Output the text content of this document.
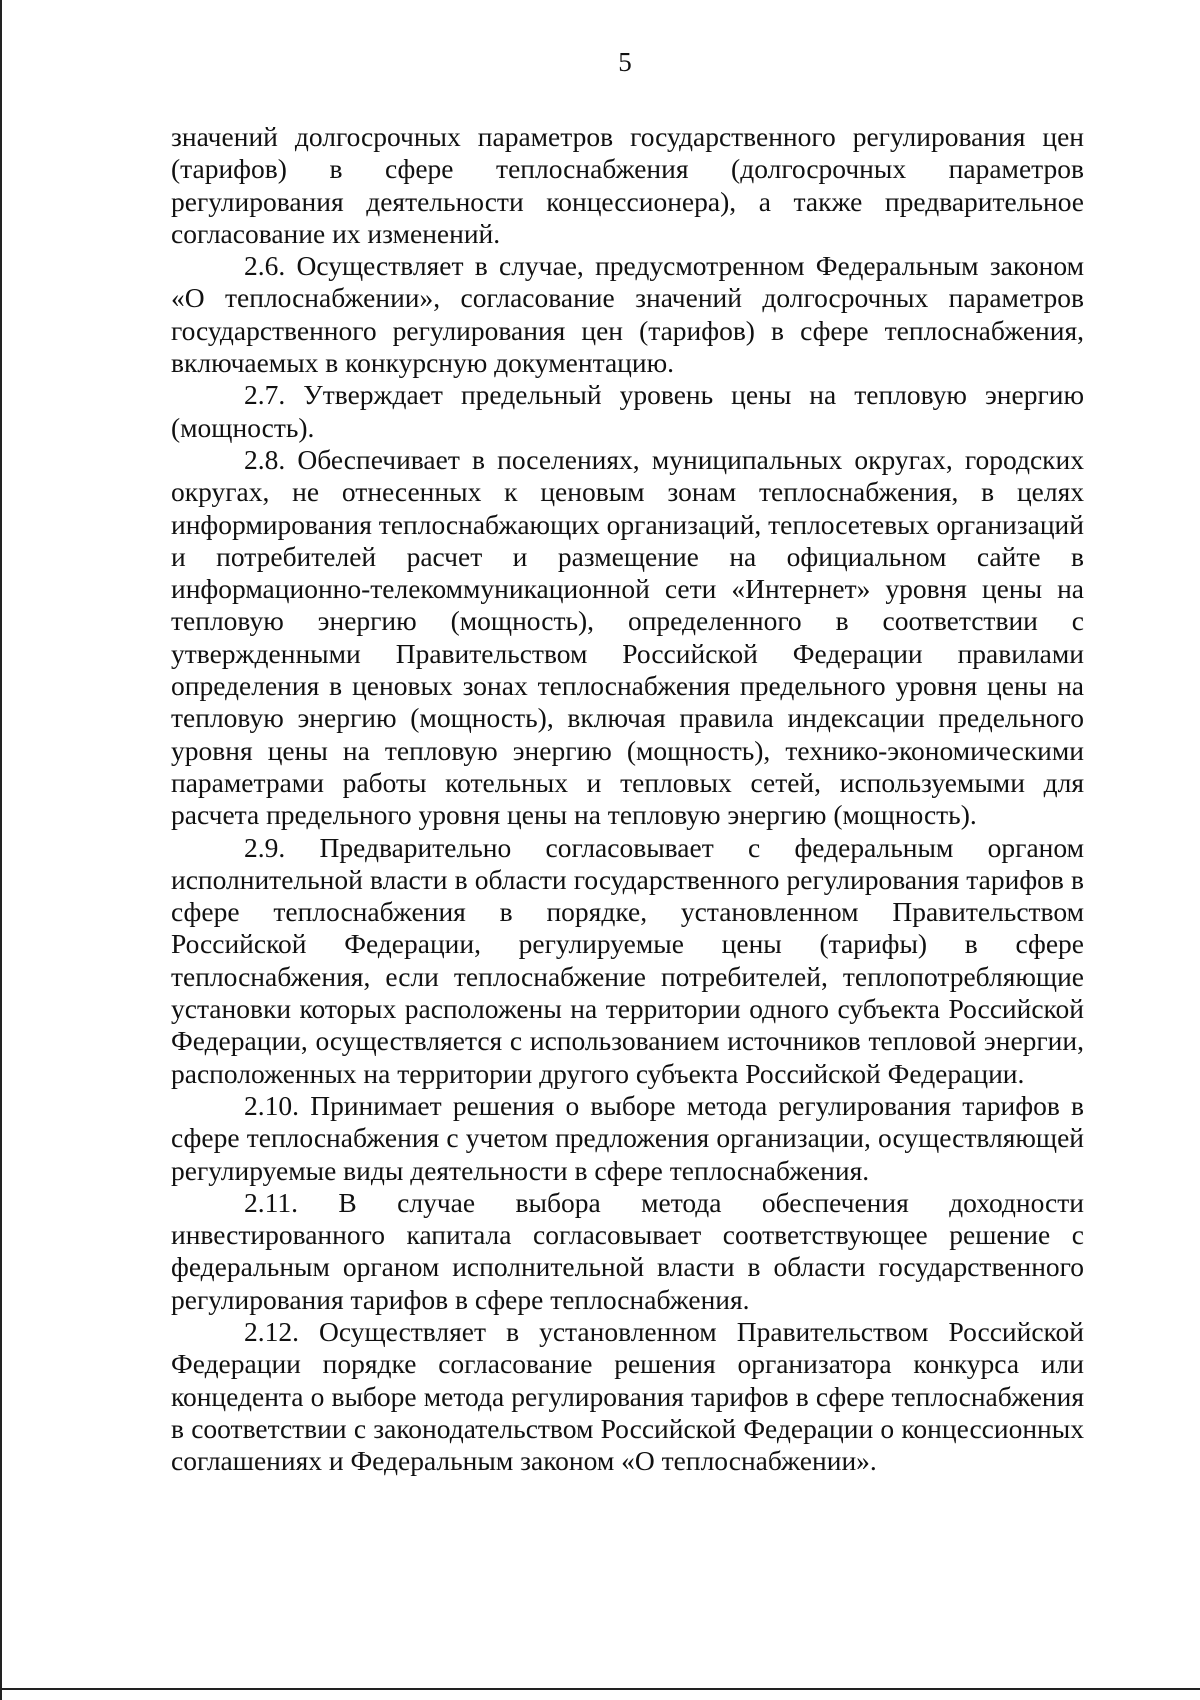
5

значений долгосрочных параметров государственного регулирования цен (тарифов) в сфере теплоснабжения (долгосрочных параметров регулирования деятельности концессионера), а также предварительное согласование их изменений.

2.6. Осуществляет в случае, предусмотренном Федеральным законом «О теплоснабжении», согласование значений долгосрочных параметров государственного регулирования цен (тарифов) в сфере теплоснабжения, включаемых в конкурсную документацию.

2.7. Утверждает предельный уровень цены на тепловую энергию (мощность).

2.8. Обеспечивает в поселениях, муниципальных округах, городских округах, не отнесенных к ценовым зонам теплоснабжения, в целях информирования теплоснабжающих организаций, теплосетевых организаций и потребителей расчет и размещение на официальном сайте в информационно-телекоммуникационной сети «Интернет» уровня цены на тепловую энергию (мощность), определенного в соответствии с утвержденными Правительством Российской Федерации правилами определения в ценовых зонах теплоснабжения предельного уровня цены на тепловую энергию (мощность), включая правила индексации предельного уровня цены на тепловую энергию (мощность), технико-экономическими параметрами работы котельных и тепловых сетей, используемыми для расчета предельного уровня цены на тепловую энергию (мощность).

2.9. Предварительно согласовывает с федеральным органом исполнительной власти в области государственного регулирования тарифов в сфере теплоснабжения в порядке, установленном Правительством Российской Федерации, регулируемые цены (тарифы) в сфере теплоснабжения, если теплоснабжение потребителей, теплопотребляющие установки которых расположены на территории одного субъекта Российской Федерации, осуществляется с использованием источников тепловой энергии, расположенных на территории другого субъекта Российской Федерации.

2.10. Принимает решения о выборе метода регулирования тарифов в сфере теплоснабжения с учетом предложения организации, осуществляющей регулируемые виды деятельности в сфере теплоснабжения.

2.11. В случае выбора метода обеспечения доходности инвестированного капитала согласовывает соответствующее решение с федеральным органом исполнительной власти в области государственного регулирования тарифов в сфере теплоснабжения.

2.12. Осуществляет в установленном Правительством Российской Федерации порядке согласование решения организатора конкурса или концедента о выборе метода регулирования тарифов в сфере теплоснабжения в соответствии с законодательством Российской Федерации о концессионных соглашениях и Федеральным законом «О теплоснабжении».
